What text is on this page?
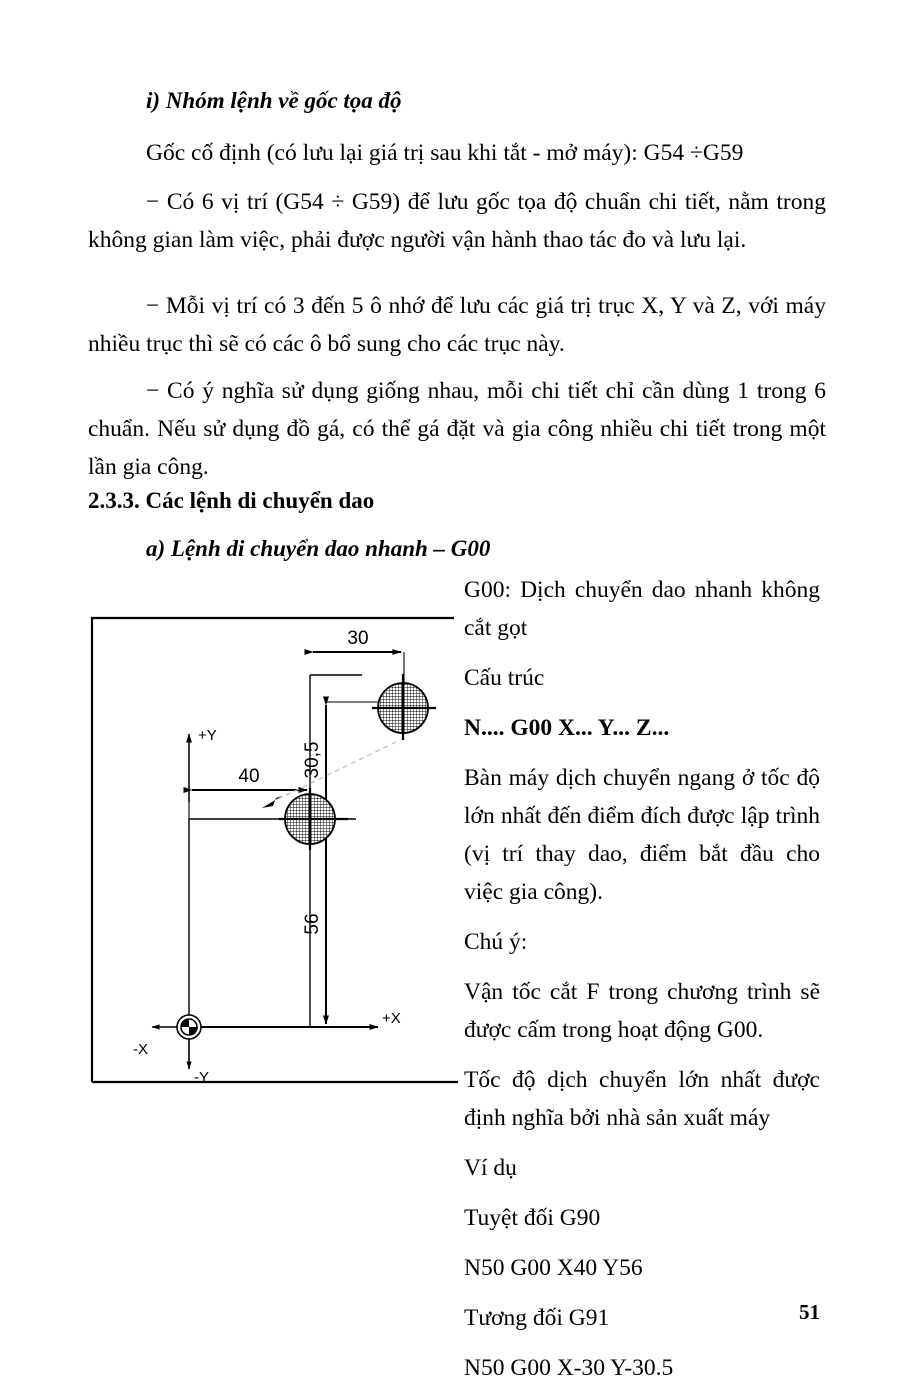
i) Nhóm lệnh về gốc tọa độ
Gốc cố định (có lưu lại giá trị sau khi tắt - mở máy): G54 ÷G59
− Có 6 vị trí (G54 ÷ G59) để lưu gốc tọa độ chuẩn chi tiết, nằm trong không gian làm việc, phải được người vận hành thao tác đo và lưu lại.
− Mỗi vị trí có 3 đến 5 ô nhớ để lưu các giá trị trục X, Y và Z, với máy nhiều trục thì sẽ có các ô bổ sung cho các trục này.
− Có ý nghĩa sử dụng giống nhau, mỗi chi tiết chỉ cần dùng 1 trong 6 chuẩn. Nếu sử dụng đồ gá, có thể gá đặt và gia công nhiều chi tiết trong một lần gia công.
2.3.3. Các lệnh di chuyển dao
a) Lệnh di chuyển dao nhanh – G00

G00: Dịch chuyển dao nhanh không cắt gọt

Cấu trúc

N.... G00 X... Y... Z...

Bàn máy dịch chuyển ngang ở tốc độ lớn nhất đến điểm đích được lập trình (vị trí thay dao, điểm bắt đầu cho việc gia công).

Chú ý:

Vận tốc cắt F trong chương trình sẽ được cấm trong hoạt động G00.

Tốc độ dịch chuyển lớn nhất được định nghĩa bởi nhà sản xuất máy

Ví dụ

Tuyệt đối G90

N50 G00 X40 Y56

Tương đối G91

N50 G00 X-30 Y-30.5

51
+Y
+X
-X
-Y
40
30
30,5
56
